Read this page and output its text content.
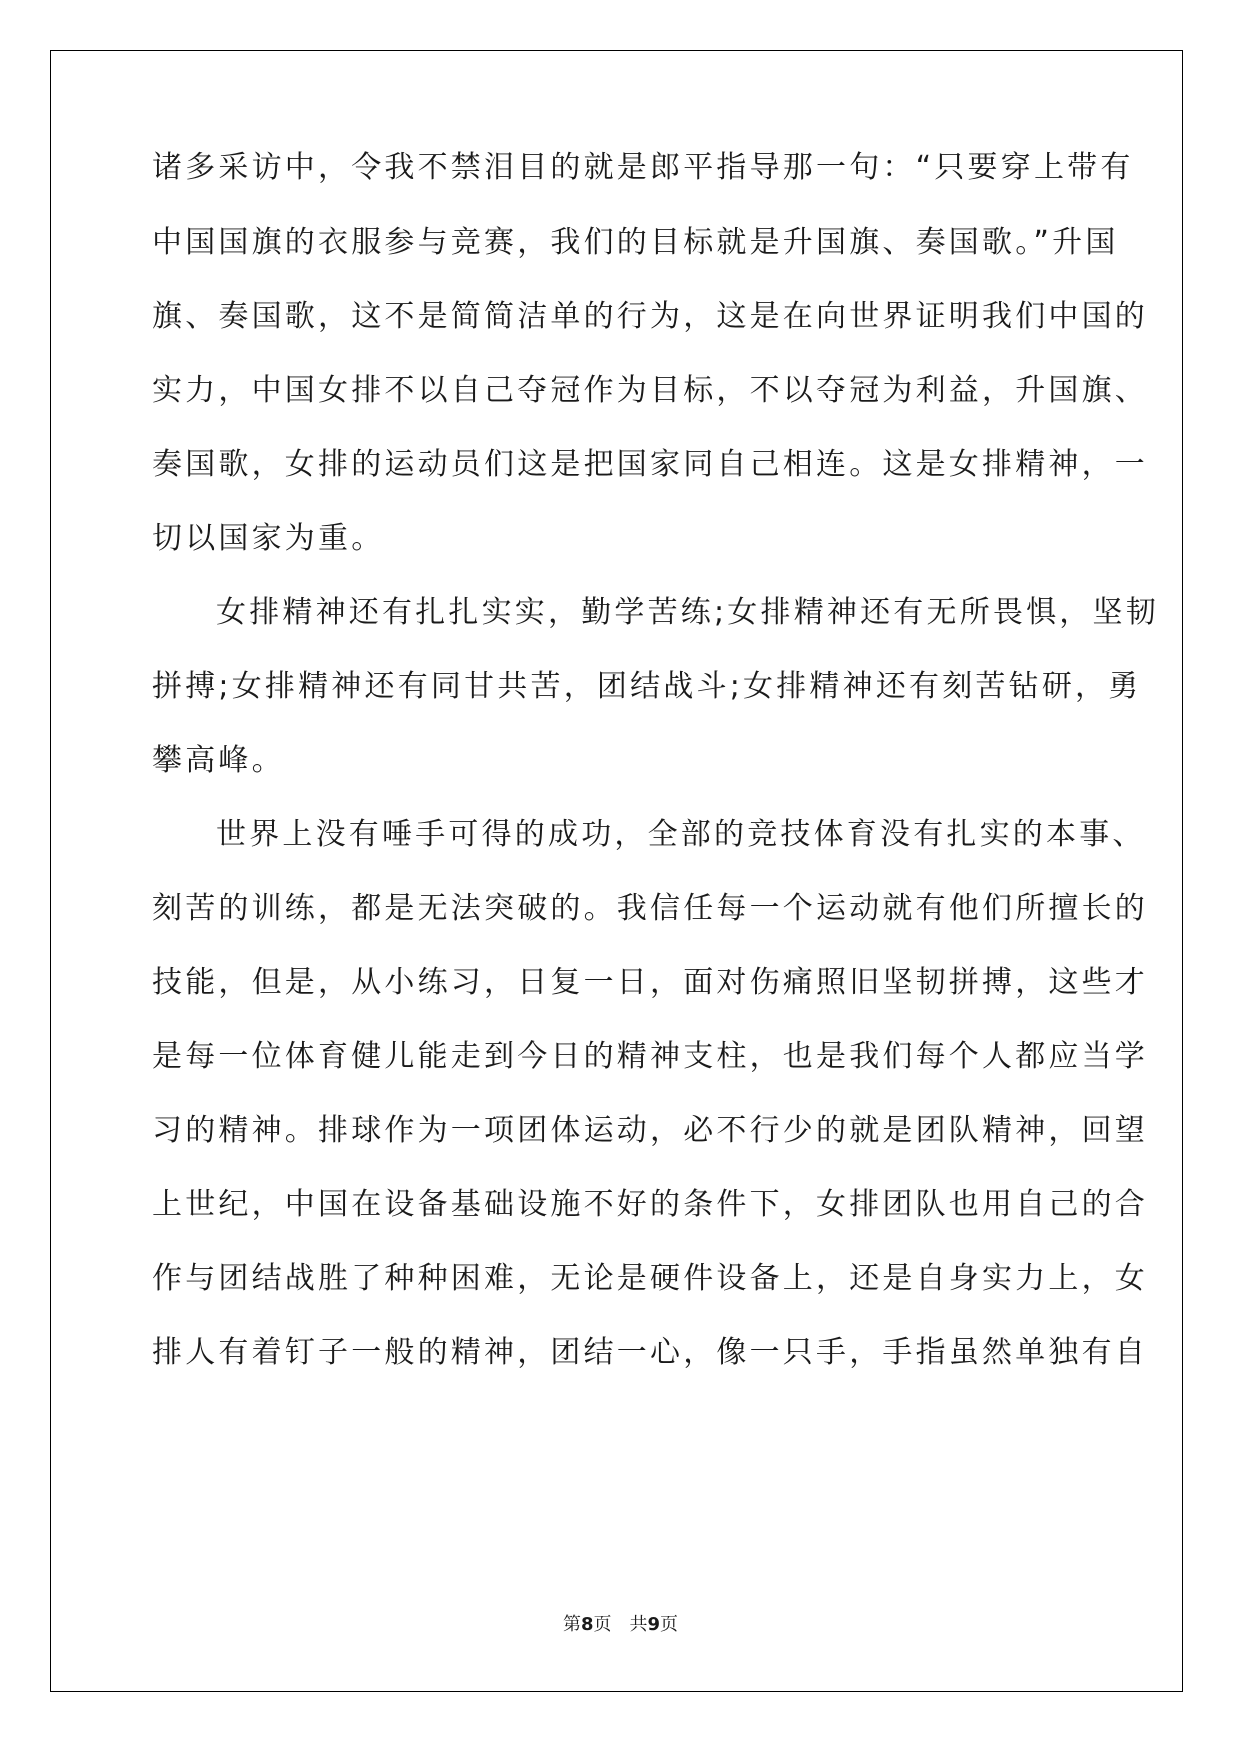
诸多采访中，令我不禁泪目的就是郎平指导那一句：“只要穿上带有
中国国旗的衣服参与竞赛，我们的目标就是升国旗、奏国歌。”升国
旗、奏国歌，这不是简简洁单的行为，这是在向世界证明我们中国的
实力，中国女排不以自己夺冠作为目标，不以夺冠为利益，升国旗、
奏国歌，女排的运动员们这是把国家同自己相连。这是女排精神，一
切以国家为重。
女排精神还有扎扎实实，勤学苦练;女排精神还有无所畏惧，坚韧
拼搏;女排精神还有同甘共苦，团结战斗;女排精神还有刻苦钻研，勇
攀高峰。
世界上没有唾手可得的成功，全部的竞技体育没有扎实的本事、
刻苦的训练，都是无法突破的。我信任每一个运动就有他们所擅长的
技能，但是，从小练习，日复一日，面对伤痛照旧坚韧拼搏，这些才
是每一位体育健儿能走到今日的精神支柱，也是我们每个人都应当学
习的精神。排球作为一项团体运动，必不行少的就是团队精神，回望
上世纪，中国在设备基础设施不好的条件下，女排团队也用自己的合
作与团结战胜了种种困难，无论是硬件设备上，还是自身实力上，女
排人有着钉子一般的精神，团结一心，像一只手，手指虽然单独有自
第8页　共9页
